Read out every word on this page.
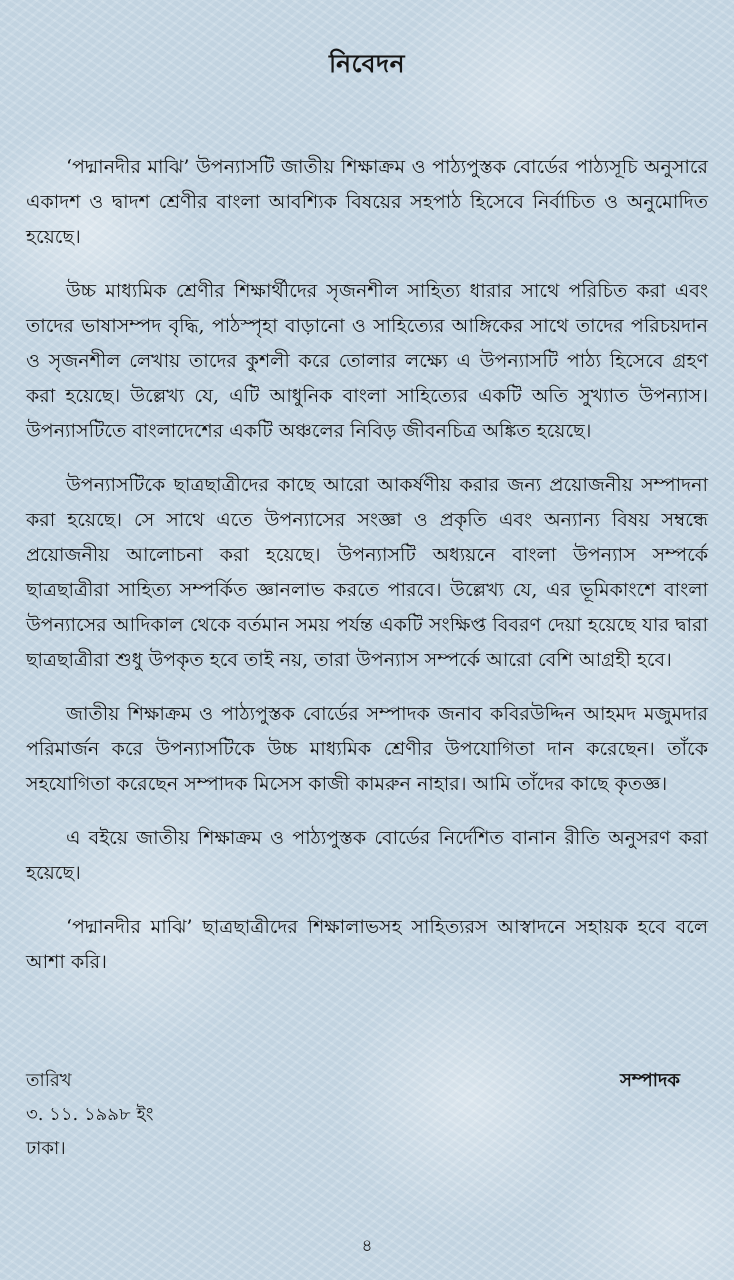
নিবেদন

‘পদ্মানদীর মাঝি’ উপন্যাসটি জাতীয় শিক্ষাক্রম ও পাঠ্যপুস্তক বোর্ডের পাঠ্যসূচি অনুসারে একাদশ ও দ্বাদশ শ্রেণীর বাংলা আবশ্যিক বিষয়ের সহপাঠ হিসেবে নির্বাচিত ও অনুমোদিত হয়েছে।

উচ্চ মাধ্যমিক শ্রেণীর শিক্ষার্থীদের সৃজনশীল সাহিত্য ধারার সাথে পরিচিত করা এবং তাদের ভাষাসম্পদ বৃদ্ধি, পাঠস্পৃহা বাড়ানো ও সাহিত্যের আঙ্গিকের সাথে তাদের পরিচয়দান ও সৃজনশীল লেখায় তাদের কুশলী করে তোলার লক্ষ্যে এ উপন্যাসটি পাঠ্য হিসেবে গ্রহণ করা হয়েছে। উল্লেখ্য যে, এটি আধুনিক বাংলা সাহিত্যের একটি অতি সুখ্যাত উপন্যাস। উপন্যাসটিতে বাংলাদেশের একটি অঞ্চলের নিবিড় জীবনচিত্র অঙ্কিত হয়েছে।

উপন্যাসটিকে ছাত্রছাত্রীদের কাছে আরো আকর্ষণীয় করার জন্য প্রয়োজনীয় সম্পাদনা করা হয়েছে। সে সাথে এতে উপন্যাসের সংজ্ঞা ও প্রকৃতি এবং অন্যান্য বিষয় সম্বন্ধে প্রয়োজনীয় আলোচনা করা হয়েছে। উপন্যাসটি অধ্যয়নে বাংলা উপন্যাস সম্পর্কে ছাত্রছাত্রীরা সাহিত্য সম্পর্কিত জ্ঞানলাভ করতে পারবে। উল্লেখ্য যে, এর ভূমিকাংশে বাংলা উপন্যাসের আদিকাল থেকে বর্তমান সময় পর্যন্ত একটি সংক্ষিপ্ত বিবরণ দেয়া হয়েছে যার দ্বারা ছাত্রছাত্রীরা শুধু উপকৃত হবে তাই নয়, তারা উপন্যাস সম্পর্কে আরো বেশি আগ্রহী হবে।

জাতীয় শিক্ষাক্রম ও পাঠ্যপুস্তক বোর্ডের সম্পাদক জনাব কবিরউদ্দিন আহমদ মজুমদার পরিমার্জন করে উপন্যাসটিকে উচ্চ মাধ্যমিক শ্রেণীর উপযোগিতা দান করেছেন। তাঁকে সহযোগিতা করেছেন সম্পাদক মিসেস কাজী কামরুন নাহার। আমি তাঁদের কাছে কৃতজ্ঞ।

এ বইয়ে জাতীয় শিক্ষাক্রম ও পাঠ্যপুস্তক বোর্ডের নির্দেশিত বানান রীতি অনুসরণ করা হয়েছে।

‘পদ্মানদীর মাঝি’ ছাত্রছাত্রীদের শিক্ষালাভসহ সাহিত্যরস আস্বাদনে সহায়ক হবে বলে আশা করি।

তারিখ
৩. ১১. ১৯৯৮ ইং
ঢাকা।
সম্পাদক
৪
